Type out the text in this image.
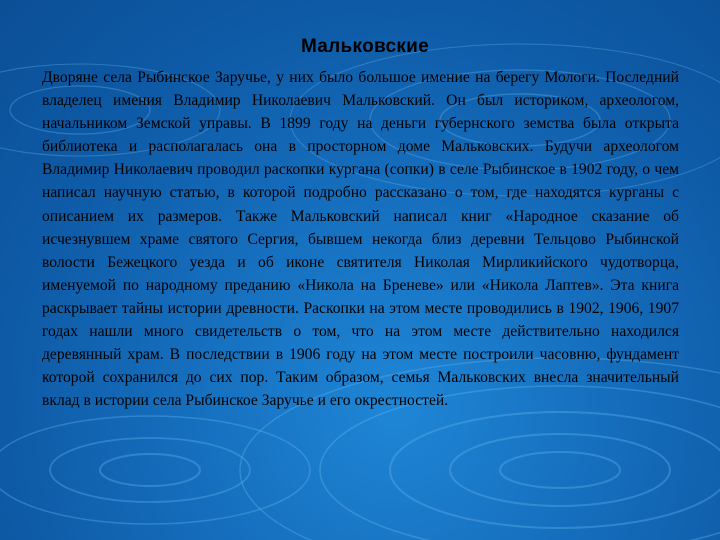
Мальковские

Дворяне села Рыбинское Заручье, у них было большое имение на берегу Мологи. Последний владелец имения Владимир Николаевич Мальковский. Он был историком, археологом, начальником Земской управы. В 1899 году на деньги губернского земства была открыта библиотека и располагалась она в просторном доме Мальковских. Будучи археологом Владимир Николаевич проводил раскопки кургана (сопки) в селе Рыбинское в 1902 году, о чем написал научную статью, в которой подробно рассказано о том, где находятся курганы с описанием их размеров. Также Мальковский написал книг «Народное сказание об исчезнувшем храме святого Сергия, бывшем некогда близ деревни Тельцово Рыбинской волости Бежецкого уезда и об иконе святителя Николая Мирликийского чудотворца, именуемой по народному преданию «Никола на Бреневе» или «Никола Лаптев». Эта книга раскрывает тайны истории древности. Раскопки на этом месте проводились в 1902, 1906, 1907 годах нашли много свидетельств о том, что на этом месте действительно находился деревянный храм. В последствии в 1906 году на этом месте построили часовню, фундамент которой сохранился до сих пор. Таким образом, семья Мальковских внесла значительный вклад в истории села Рыбинское Заручье и его окрестностей.
